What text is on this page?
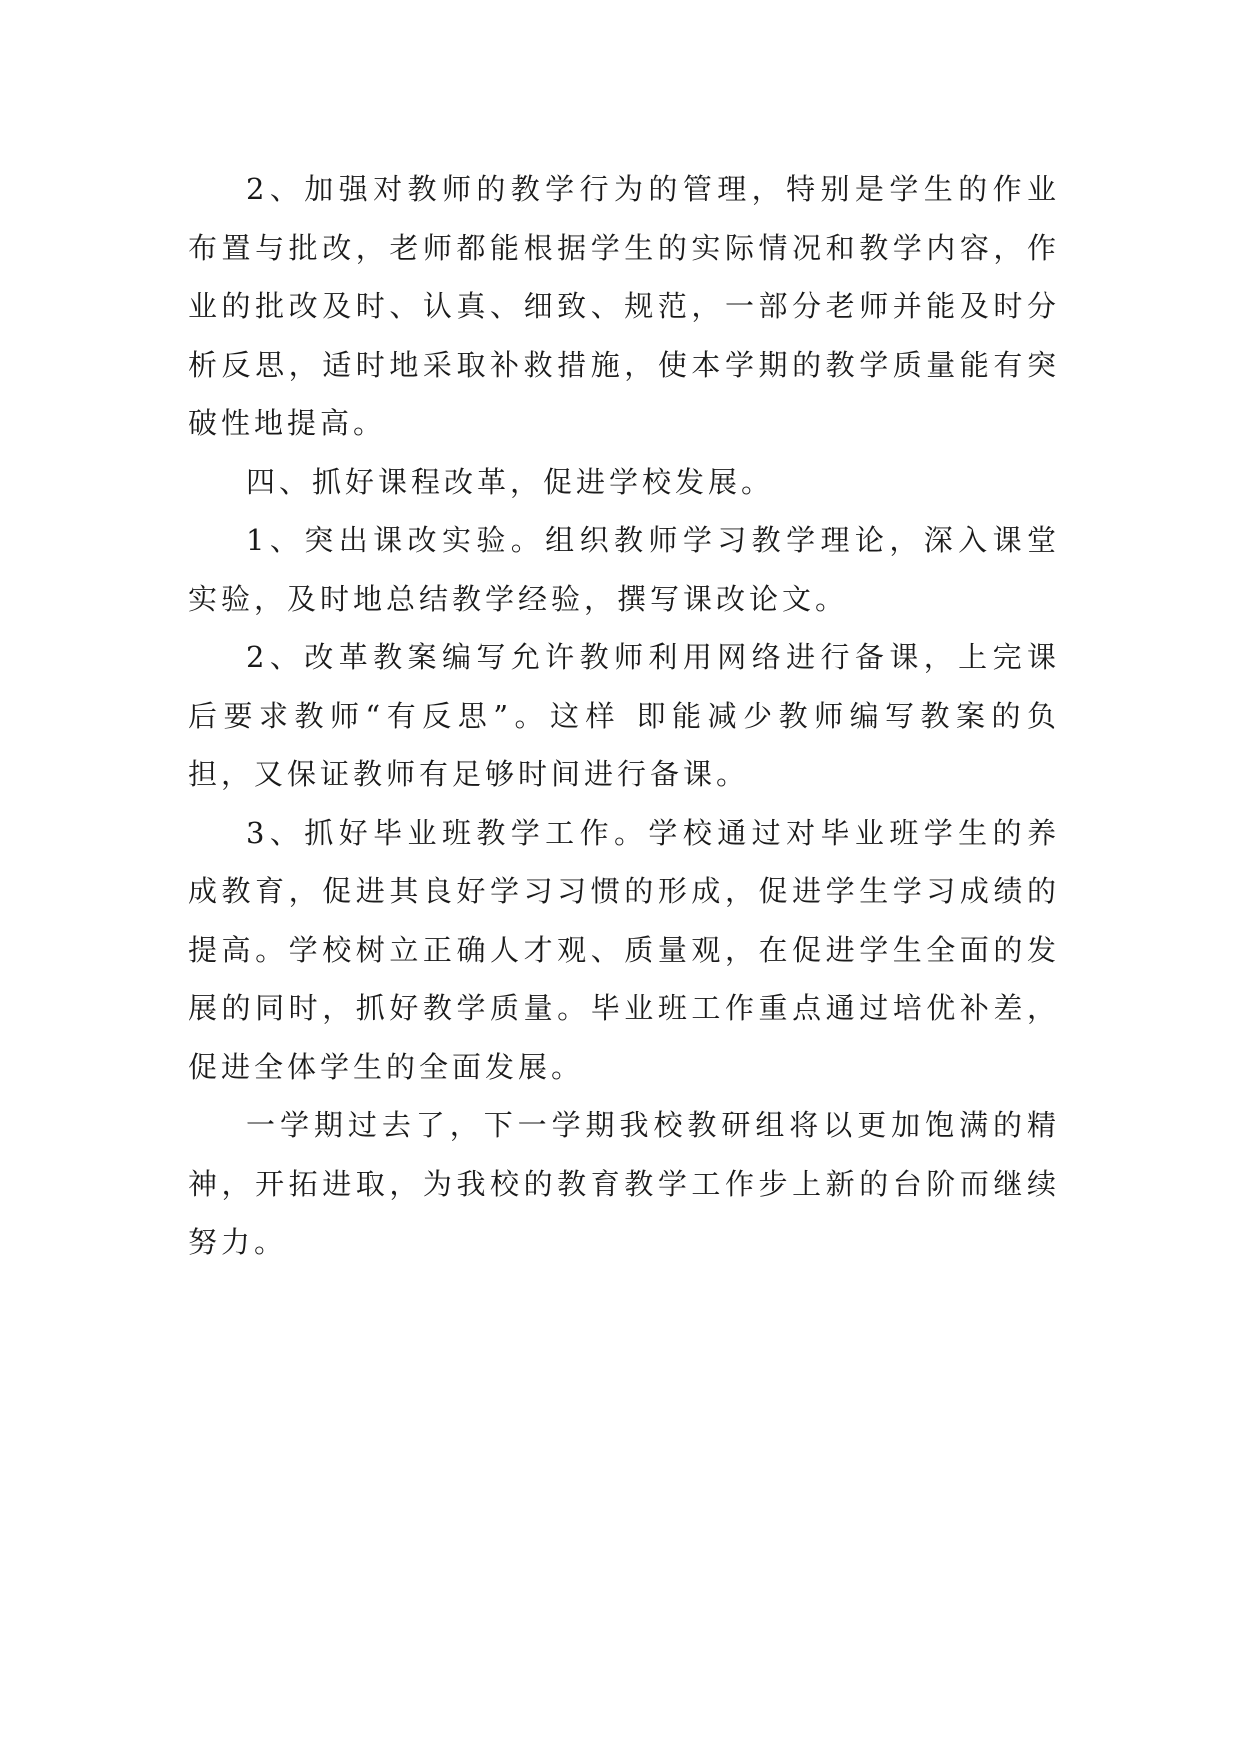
2、加强对教师的教学行为的管理，特别是学生的作业布置与批改，老师都能根据学生的实际情况和教学内容，作业的批改及时、认真、细致、规范，一部分老师并能及时分析反思，适时地采取补救措施，使本学期的教学质量能有突破性地提高。

四、抓好课程改革，促进学校发展。

1、突出课改实验。组织教师学习教学理论，深入课堂实验，及时地总结教学经验，撰写课改论文。

2、改革教案编写允许教师利用网络进行备课，上完课后要求教师“有反思”。这样 即能减少教师编写教案的负担，又保证教师有足够时间进行备课。

3、抓好毕业班教学工作。学校通过对毕业班学生的养成教育，促进其良好学习习惯的形成，促进学生学习成绩的提高。学校树立正确人才观、质量观，在促进学生全面的发展的同时，抓好教学质量。毕业班工作重点通过培优补差，促进全体学生的全面发展。

一学期过去了，下一学期我校教研组将以更加饱满的精神，开拓进取，为我校的教育教学工作步上新的台阶而继续努力。
